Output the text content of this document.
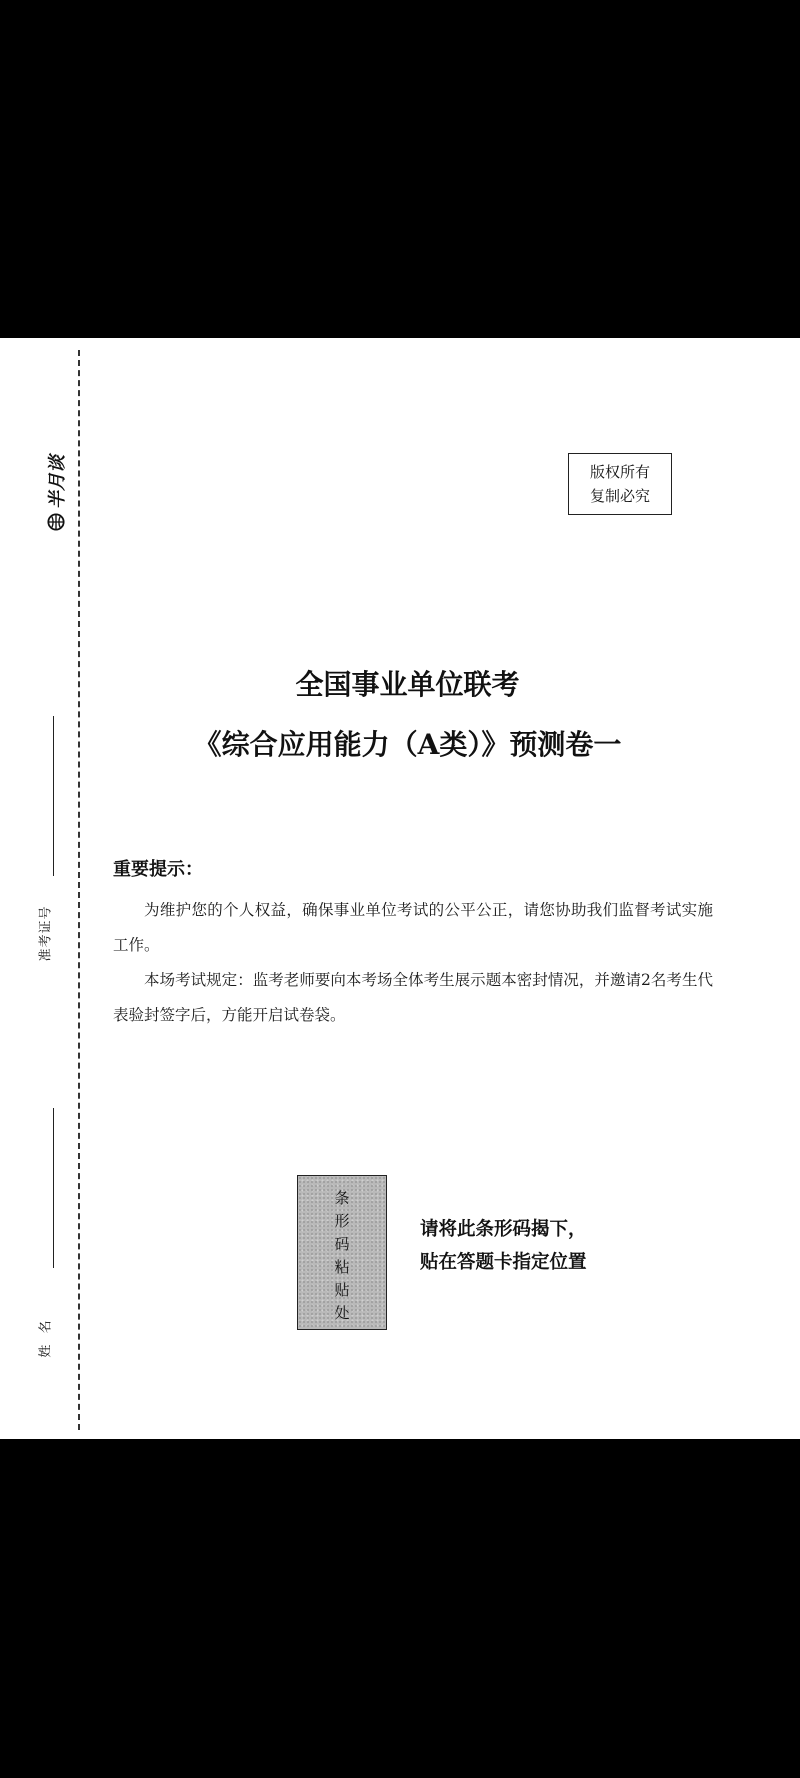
半月谈
准考证号
姓  名
版权所有
复制必究
全国事业单位联考
《综合应用能力（A类）》预测卷一
重要提示：

为维护您的个人权益，确保事业单位考试的公平公正，请您协助我们监督考试实施工作。

本场考试规定：监考老师要向本考场全体考生展示题本密封情况，并邀请2名考生代表验封签字后，方能开启试卷袋。

条形码粘贴处	请将此条形码揭下，
贴在答题卡指定位置
